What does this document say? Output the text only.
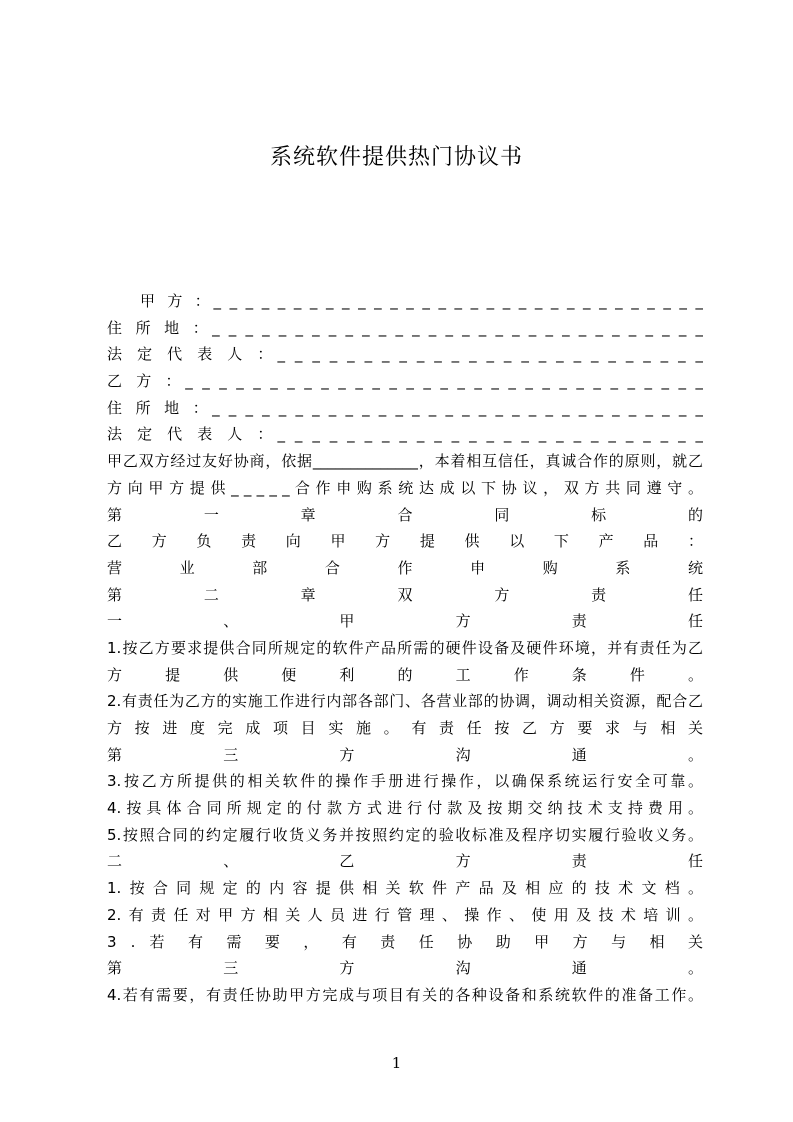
系统软件提供热门协议书
甲 方 ：_ _ _ _ _ _ _ _ _ _ _ _ _ _ _ _ _ _ _ _ _ _ _ _ _ _ _ _ _ _ _
住 所 地 ：_ _ _ _ _ _ _ _ _ _ _ _ _ _ _ _ _ _ _ _ _ _ _ _ _ _ _ _ _ _
法 定 代 表 人 ：_ _ _ _ _ _ _ _ _ _ _ _ _ _ _ _ _ _ _ _ _ _ _ _ _
乙 方 ：_ _ _ _ _ _ _ _ _ _ _ _ _ _ _ _ _ _ _ _ _ _ _ _ _ _ _ _ _ _ _
住 所 地 ：_ _ _ _ _ _ _ _ _ _ _ _ _ _ _ _ _ _ _ _ _ _ _ _ _ _ _ _ _ _
法 定 代 表 人 ：_ _ _ _ _ _ _ _ _ _ _ _ _ _ _ _ _ _ _ _ _ _ _ _ _
甲乙双方经过友好协商，依据______________，本着相互信任，真诚合作的原则，就乙
方 向 甲 方 提 供 _ _ _ _ _ 合 作 申 购 系 统 达 成 以 下 协 议 ， 双 方 共 同 遵 守 。
第 一 章 合 同 标 的
乙 方 负 责 向 甲 方 提 供 以 下 产 品 ：
营 业 部 合 作 申 购 系 统
第 二 章 双 方 责 任
一 、 甲 方 责 任
1.按乙方要求提供合同所规定的软件产品所需的硬件设备及硬件环境，并有责任为乙
方 提 供 便 利 的 工 作 条 件 。
2.有责任为乙方的实施工作进行内部各部门、各营业部的协调，调动相关资源，配合乙
方 按 进 度 完 成 项 目 实 施 。 有 责 任 按 乙 方 要 求 与 相 关
第 三 方 沟 通 。
3.按乙方所提供的相关软件的操作手册进行操作，以确保系统运行安全可靠。
4.按具体合同所规定的付款方式进行付款及按期交纳技术支持费用。
5.按照合同的约定履行收货义务并按照约定的验收标准及程序切实履行验收义务。
二 、 乙 方 责 任
1.按合同规定的内容提供相关软件产品及相应的技术文档。
2.有责任对甲方相关人员进行管理、操作、使用及技术培训。
3 . 若 有 需 要 ， 有 责 任 协 助 甲 方 与 相 关
第 三 方 沟 通 。
4.若有需要，有责任协助甲方完成与项目有关的各种设备和系统软件的准备工作。
1
